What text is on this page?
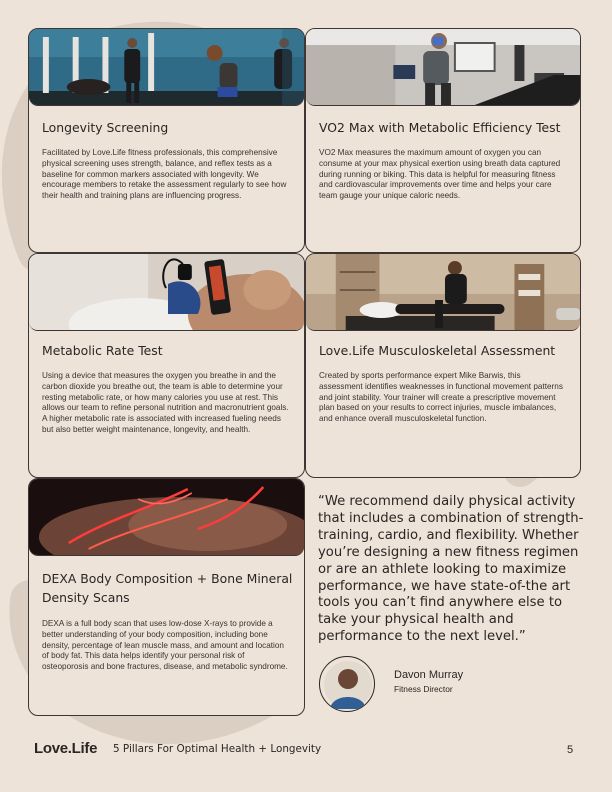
Longevity Screening

Facilitated by Love.Life fitness professionals, this comprehensive physical screening uses strength, balance, and reflex tests as a baseline for common markers associated with longevity. We encourage members to retake the assessment regularly to see how their health and training plans are influencing progress.

VO2 Max with Metabolic Efficiency Test

VO2 Max measures the maximum amount of oxygen you can consume at your max physical exertion using breath data captured during running or biking. This data is helpful for measuring fitness and cardiovascular improvements over time and helps your care team gauge your unique caloric needs.

Metabolic Rate Test

Using a device that measures the oxygen you breathe in and the carbon dioxide you breathe out, the team is able to determine your resting metabolic rate, or how many calories you use at rest. This allows our team to refine personal nutrition and macronutrient goals. A higher metabolic rate is associated with increased fueling needs but also better weight maintenance, longevity, and health.

Love.Life Musculoskeletal Assessment

Created by sports performance expert Mike Barwis, this assessment identifies weaknesses in functional movement patterns and joint stability. Your trainer will create a prescriptive movement plan based on your results to correct injuries, muscle imbalances, and enhance overall musculoskeletal function.

DEXA Body Composition + Bone Mineral Density Scans

DEXA is a full body scan that uses low-dose X-rays to provide a better understanding of your body composition, including bone density, percentage of lean muscle mass, and amount and location of body fat. This data helps identify your personal risk of osteoporosis and bone fractures, disease, and metabolic syndrome.

“We recommend daily physical activity that includes a combination of strength-training, cardio, and flexibility. Whether you’re designing a new fitness regimen or are an athlete looking to maximize performance, we have state-of-the art tools you can’t find anywhere else to take your physical health and performance to the next level.”

Davon Murray
Fitness Director
Love.Life 5 Pillars For Optimal Health + Longevity	5
